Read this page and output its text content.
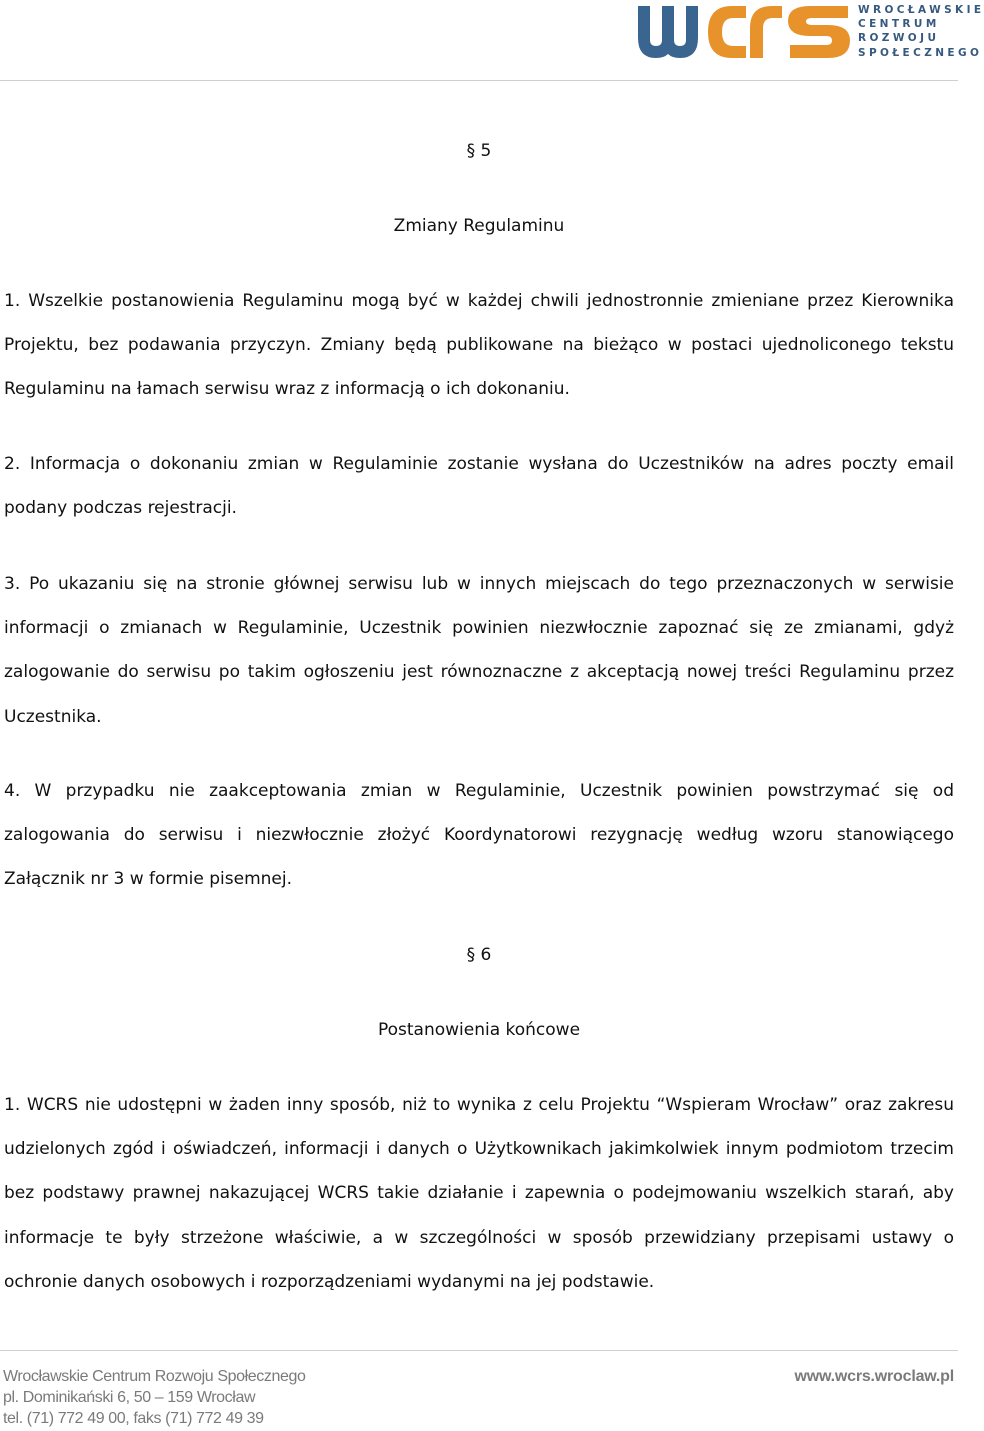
WROCŁAWSKIE
CENTRUM
ROZWOJU
SPOŁECZNEGO
§ 5
Zmiany Regulaminu

1. Wszelkie postanowienia Regulaminu mogą być w każdej chwili jednostronnie zmieniane przez Kierownika Projektu, bez podawania przyczyn. Zmiany będą publikowane na bieżąco w postaci ujednoliconego tekstu Regulaminu na łamach serwisu wraz z informacją o ich dokonaniu.

2. Informacja o dokonaniu zmian w Regulaminie zostanie wysłana do Uczestników na adres poczty email podany podczas rejestracji.

3. Po ukazaniu się na stronie głównej serwisu lub w innych miejscach do tego przeznaczonych w serwisie informacji o zmianach w Regulaminie, Uczestnik powinien niezwłocznie zapoznać się ze zmianami, gdyż zalogowanie do serwisu po takim ogłoszeniu jest równoznaczne z akceptacją nowej treści Regulaminu przez Uczestnika.

4. W przypadku nie zaakceptowania zmian w Regulaminie, Uczestnik powinien powstrzymać się od zalogowania do serwisu i niezwłocznie złożyć Koordynatorowi rezygnację według wzoru stanowiącego Załącznik nr 3 w formie pisemnej.

§ 6
Postanowienia końcowe

1. WCRS nie udostępni w żaden inny sposób, niż to wynika z celu Projektu “Wspieram Wrocław” oraz zakresu udzielonych zgód i oświadczeń, informacji i danych o Użytkownikach jakimkolwiek innym podmiotom trzecim bez podstawy prawnej nakazującej WCRS takie działanie i zapewnia o podejmowaniu wszelkich starań, aby informacje te były strzeżone właściwie, a w szczególności w sposób przewidziany przepisami ustawy o ochronie danych osobowych i rozporządzeniami wydanymi na jej podstawie.

Wrocławskie Centrum Rozwoju Społecznego
pl. Dominikański 6, 50 – 159 Wrocław
tel. (71) 772 49 00, faks (71) 772 49 39
www.wcrs.wroclaw.pl
